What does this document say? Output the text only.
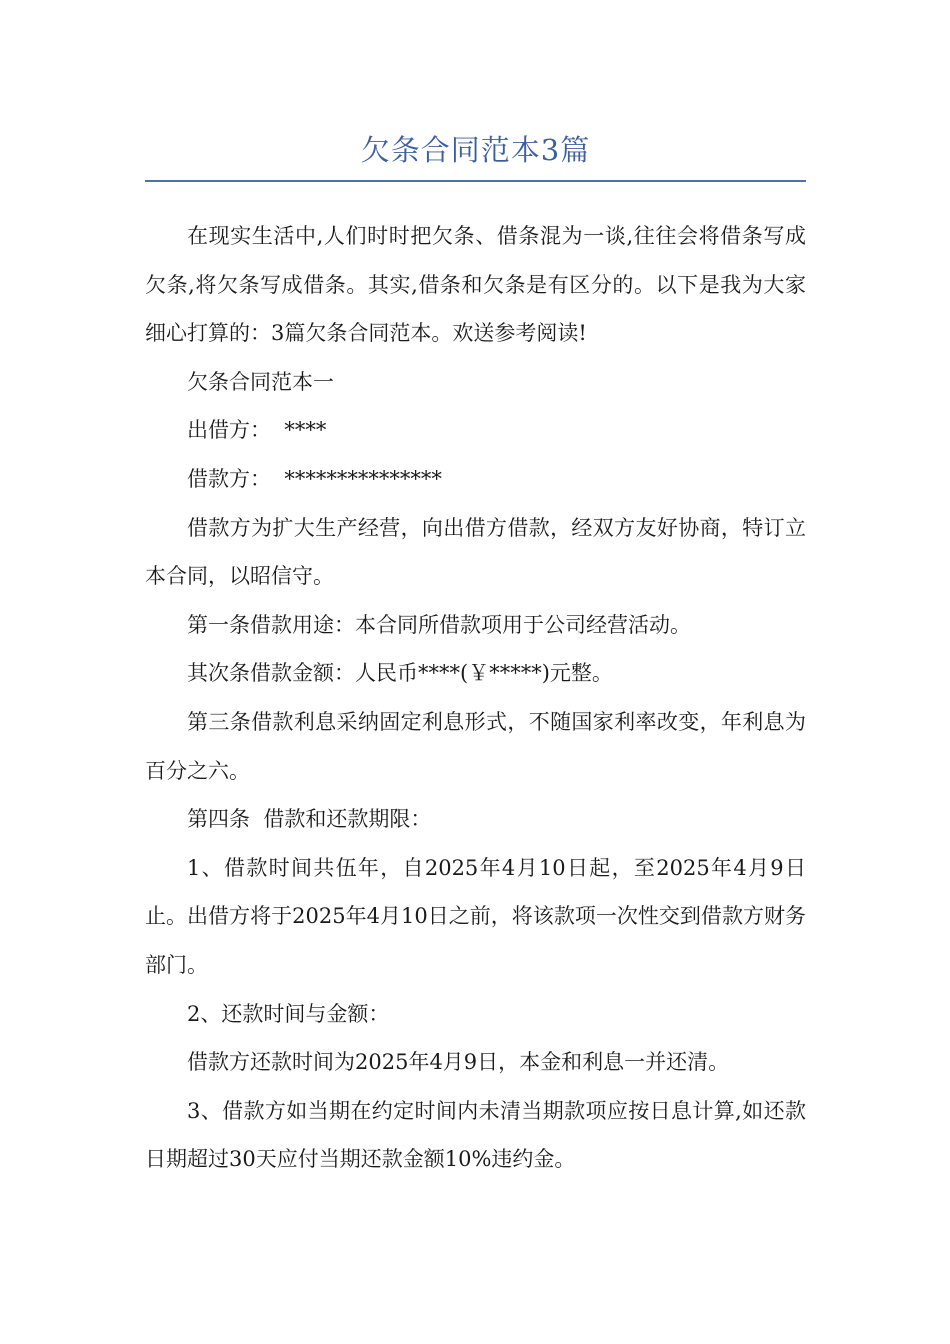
欠条合同范本3篇

在现实生活中,人们时时把欠条、借条混为一谈,往往会将借条写成欠条,将欠条写成借条。其实,借条和欠条是有区分的。以下是我为大家细心打算的：3篇欠条合同范本。欢送参考阅读!

欠条合同范本一

出借方：  ****

借款方：  ***************

借款方为扩大生产经营，向出借方借款，经双方友好协商，特订立本合同，以昭信守。

第一条借款用途：本合同所借款项用于公司经营活动。

其次条借款金额：人民币****(￥*****)元整。

第三条借款利息采纳固定利息形式，不随国家利率改变，年利息为百分之六。

第四条  借款和还款期限：

1、借款时间共伍年，自2025年4月10日起，至2025年4月9日止。出借方将于2025年4月10日之前，将该款项一次性交到借款方财务部门。

2、还款时间与金额：

借款方还款时间为2025年4月9日，本金和利息一并还清。

3、借款方如当期在约定时间内未清当期款项应按日息计算,如还款日期超过30天应付当期还款金额10%违约金。
